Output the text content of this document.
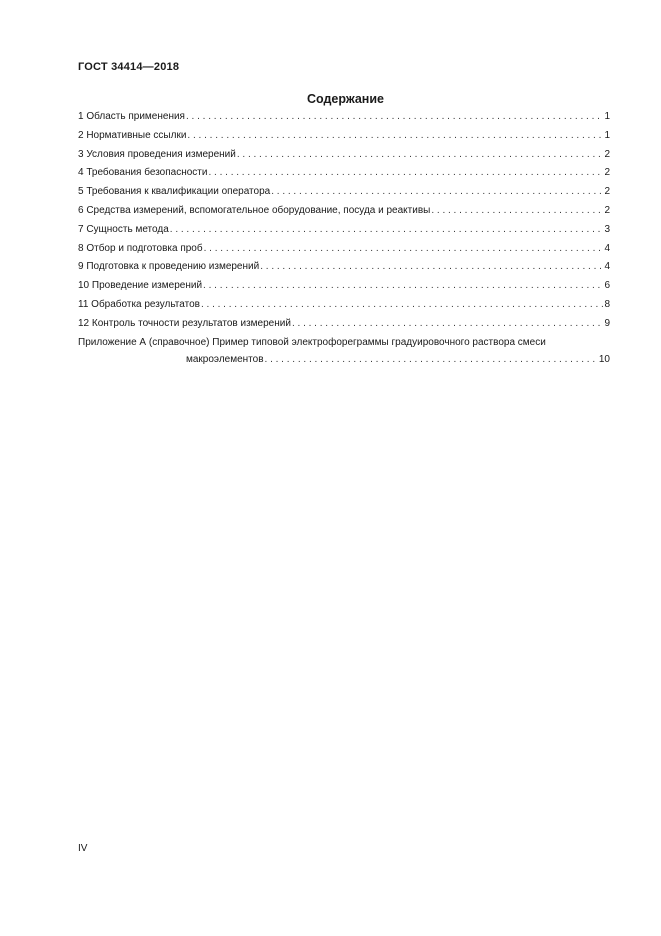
ГОСТ 34414—2018
Содержание
1 Область применения . . .	1
2 Нормативные ссылки . . .	1
3 Условия проведения измерений . . .	2
4 Требования безопасности . . .	2
5 Требования к квалификации оператора . . .	2
6 Средства измерений, вспомогательное оборудование, посуда и реактивы . . .	2
7 Сущность метода . . .	3
8 Отбор и подготовка проб . . .	4
9 Подготовка к проведению измерений . . .	4
10 Проведение измерений . . .	6
11 Обработка результатов . . .	8
12 Контроль точности результатов измерений . . .	9
Приложение А (справочное) Пример типовой электрофореграммы градуировочного раствора смеси
макроэлементов . . .	10
IV
